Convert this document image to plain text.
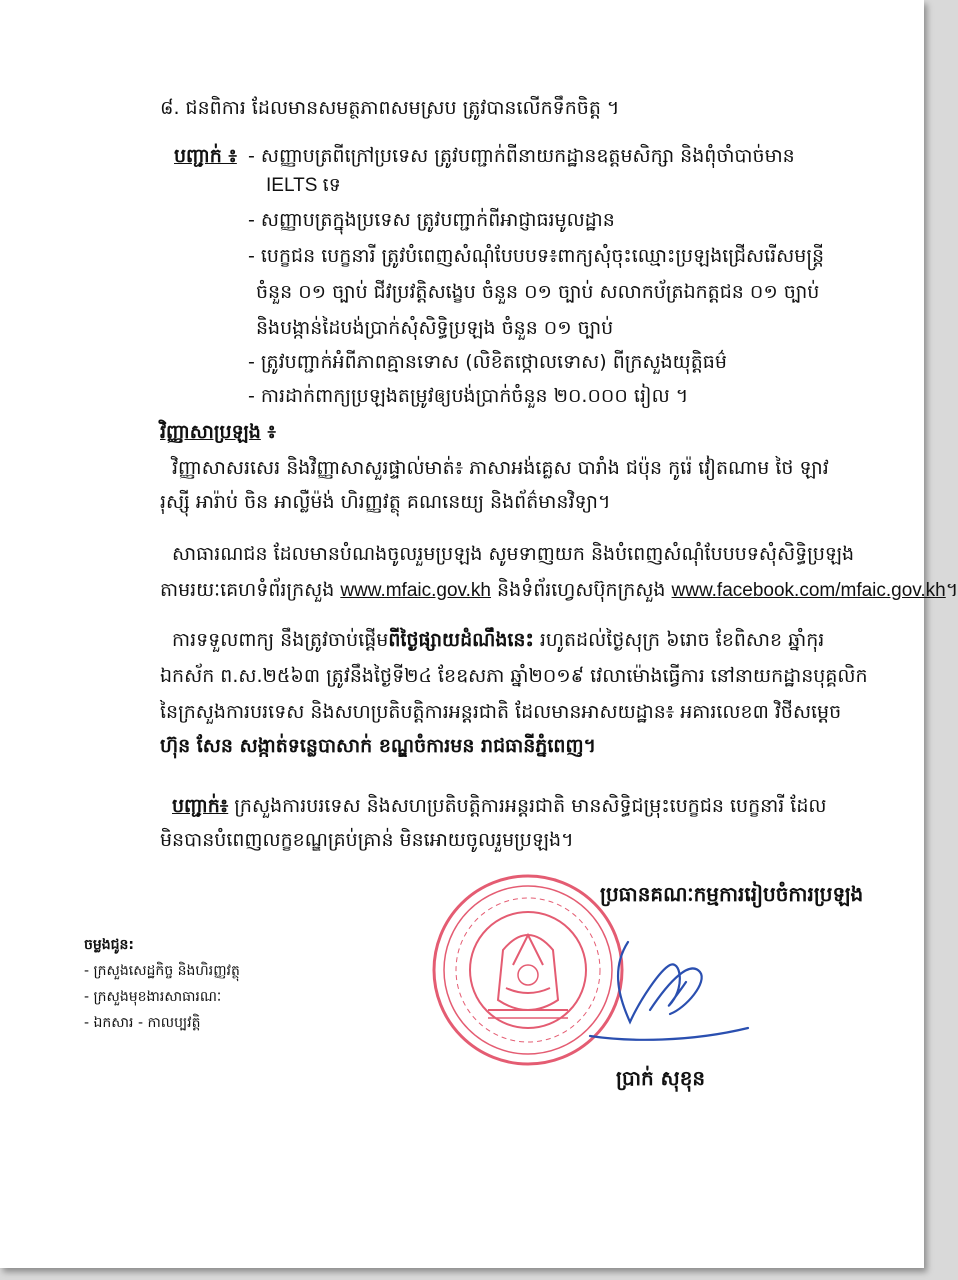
៨. ជនពិការ ដែលមានសមត្ថភាពសមស្រប ត្រូវបានលើកទឹកចិត្ត ។
បញ្ជាក់ ៖ - សញ្ញាបត្រពីក្រៅប្រទេស ត្រូវបញ្ជាក់ពីនាយកដ្ឋានឧត្តមសិក្សា និងពុំចាំបាច់មាន
IELTS ទេ
- សញ្ញាបត្រក្នុងប្រទេស ត្រូវបញ្ជាក់ពីអាជ្ញាធរមូលដ្ឋាន
- បេក្ខជន បេក្ខនារី ត្រូវបំពេញសំណុំបែបបទ៖ពាក្យសុំចុះឈ្មោះប្រឡងជ្រើសរើសមន្ត្រី
ចំនួន ០១ ច្បាប់ ជីវប្រវត្តិសង្ខេប ចំនួន ០១ ច្បាប់ សលាកប័ត្រឯកត្តជន ០១ ច្បាប់
និងបង្កាន់ដៃបង់ប្រាក់សុំសិទ្ធិប្រឡង ចំនួន ០១ ច្បាប់
- ត្រូវបញ្ជាក់អំពីភាពគ្មានទោស (លិខិតថ្កោលទោស) ពីក្រសួងយុត្តិធម៌
- ការដាក់ពាក្យប្រឡងតម្រូវឲ្យបង់ប្រាក់ចំនួន ២០.០០០ រៀល ។
វិញ្ញាសាប្រឡង ៖
វិញ្ញាសាសរសេរ និងវិញ្ញាសាសួរផ្ទាល់មាត់៖ ភាសាអង់គ្លេស បារាំង ជប៉ុន កូរ៉េ វៀតណាម ថៃ ឡាវ
រុស្ស៊ី អារ៉ាប់ ចិន អាល្លឺម៉ង់ ហិរញ្ញវត្ថុ គណនេយ្យ និងព័ត៌មានវិទ្យា។
សាធារណជន ដែលមានបំណងចូលរួមប្រឡង សូមទាញយក និងបំពេញសំណុំបែបបទសុំសិទ្ធិប្រឡង
តាមរយៈគេហទំព័រក្រសួង www.mfaic.gov.kh និងទំព័រហ្វេសប៊ុកក្រសួង www.facebook.com/mfaic.gov.kh។
ការទទួលពាក្យ នឹងត្រូវចាប់ផ្តើមពីថ្ងៃផ្សាយដំណឹងនេះ រហូតដល់ថ្ងៃសុក្រ ៦រោច ខែពិសាខ ឆ្នាំកុរ
ឯកស័ក ព.ស.២៥៦៣ ត្រូវនឹងថ្ងៃទី២៤ ខែឧសភា ឆ្នាំ២០១៩ វេលាម៉ោងធ្វើការ នៅនាយកដ្ឋានបុគ្គលិក
នៃក្រសួងការបរទេស និងសហប្រតិបត្តិការអន្តរជាតិ ដែលមានអាសយដ្ឋាន៖ អគារលេខ៣ វិថីសម្តេច
ហ៊ុន សែន សង្កាត់ទន្លេបាសាក់ ខណ្ឌចំការមន រាជធានីភ្នំពេញ។
បញ្ជាក់៖ ក្រសួងការបរទេស និងសហប្រតិបត្តិការអន្តរជាតិ មានសិទ្ធិជម្រុះបេក្ខជន បេក្ខនារី ដែល
មិនបានបំពេញលក្ខខណ្ឌគ្រប់គ្រាន់ មិនអោយចូលរួមប្រឡង។
ប្រធានគណៈកម្មការរៀបចំការប្រឡង
ចម្លងជូន:
- ក្រសួងសេដ្ឋកិច្ច និងហិរញ្ញវត្ថុ
- ក្រសួងមុខងារសាធារណៈ
- ឯកសារ - កាលប្បវត្តិ
ប្រាក់ សុខុន
